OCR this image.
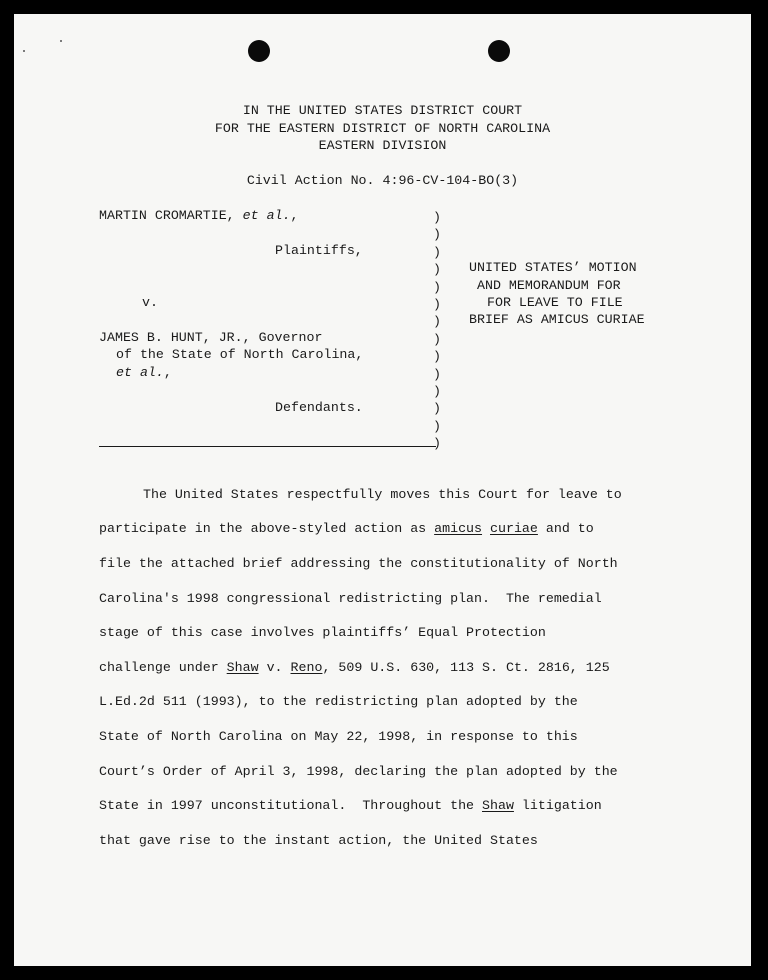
IN THE UNITED STATES DISTRICT COURT
FOR THE EASTERN DISTRICT OF NORTH CAROLINA
EASTERN DIVISION
Civil Action No. 4:96-CV-104-BO(3)
MARTIN CROMARTIE, et al.,
Plaintiffs,
v.
JAMES B. HUNT, JR., Governor
of the State of North Carolina,
et al.,
Defendants.
)
)
)
)
)
)
)
)
)
)
)
)
)
)
UNITED STATES’ MOTION
AND MEMORANDUM FOR
FOR LEAVE TO FILE
BRIEF AS AMICUS CURIAE
The United States respectfully moves this Court for leave to
participate in the above-styled action as amicus curiae and to
file the attached brief addressing the constitutionality of North
Carolina's 1998 congressional redistricting plan.  The remedial
stage of this case involves plaintiffs’ Equal Protection
challenge under Shaw v. Reno, 509 U.S. 630, 113 S. Ct. 2816, 125
L.Ed.2d 511 (1993), to the redistricting plan adopted by the
State of North Carolina on May 22, 1998, in response to this
Court’s Order of April 3, 1998, declaring the plan adopted by the
State in 1997 unconstitutional.  Throughout the Shaw litigation
that gave rise to the instant action, the United States
